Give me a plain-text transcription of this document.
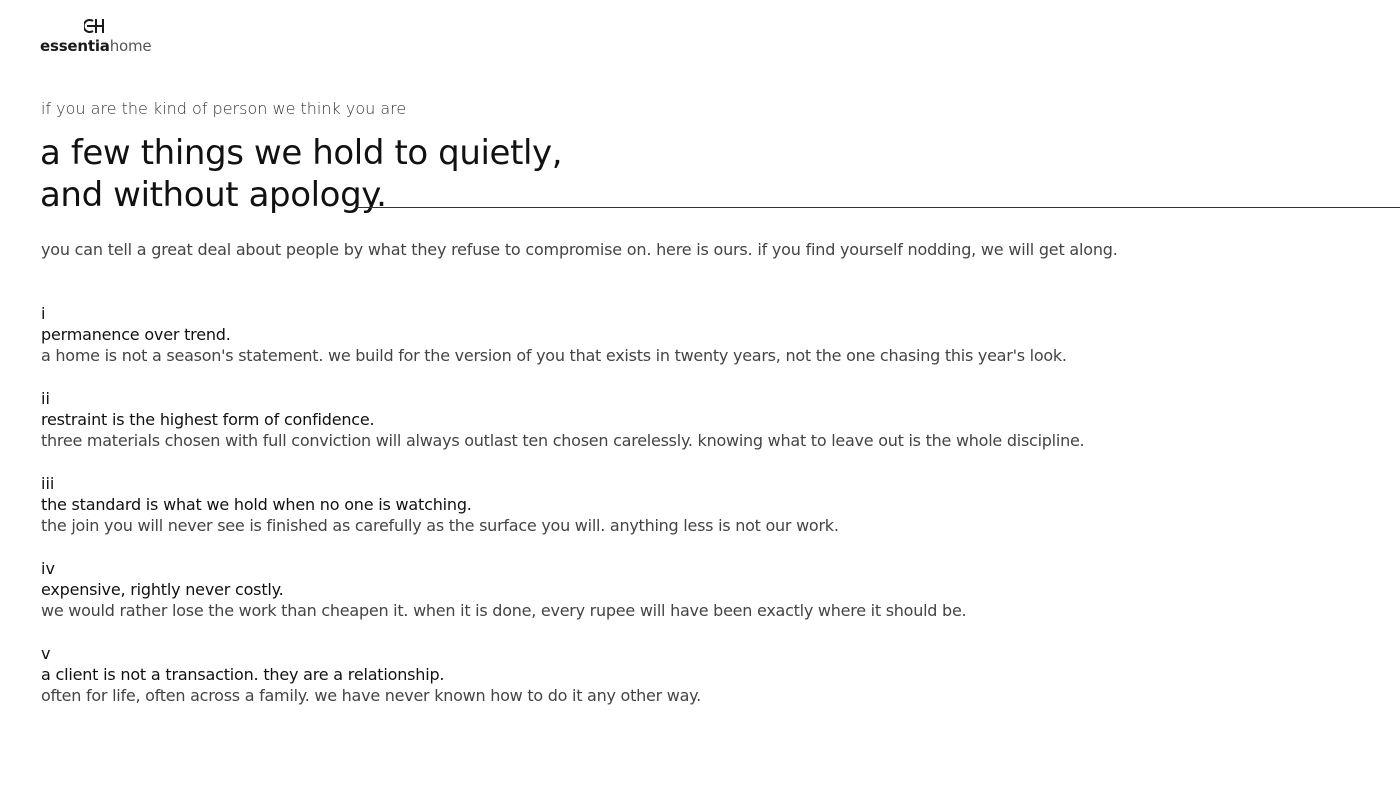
essentiahome
if you are the kind of person we think you are
a few things we hold to quietly,
and without apology.

you can tell a great deal about people by what they refuse to compromise on. here is ours. if you find yourself nodding, we will get along.

i
permanence over trend.
a home is not a season's statement. we build for the version of you that exists in twenty years, not the one chasing this year's look.
ii
restraint is the highest form of confidence.
three materials chosen with full conviction will always outlast ten chosen carelessly. knowing what to leave out is the whole discipline.
iii
the standard is what we hold when no one is watching.
the join you will never see is finished as carefully as the surface you will. anything less is not our work.
iv
expensive, rightly never costly.
we would rather lose the work than cheapen it. when it is done, every rupee will have been exactly where it should be.
v
a client is not a transaction. they are a relationship.
often for life, often across a family. we have never known how to do it any other way.
